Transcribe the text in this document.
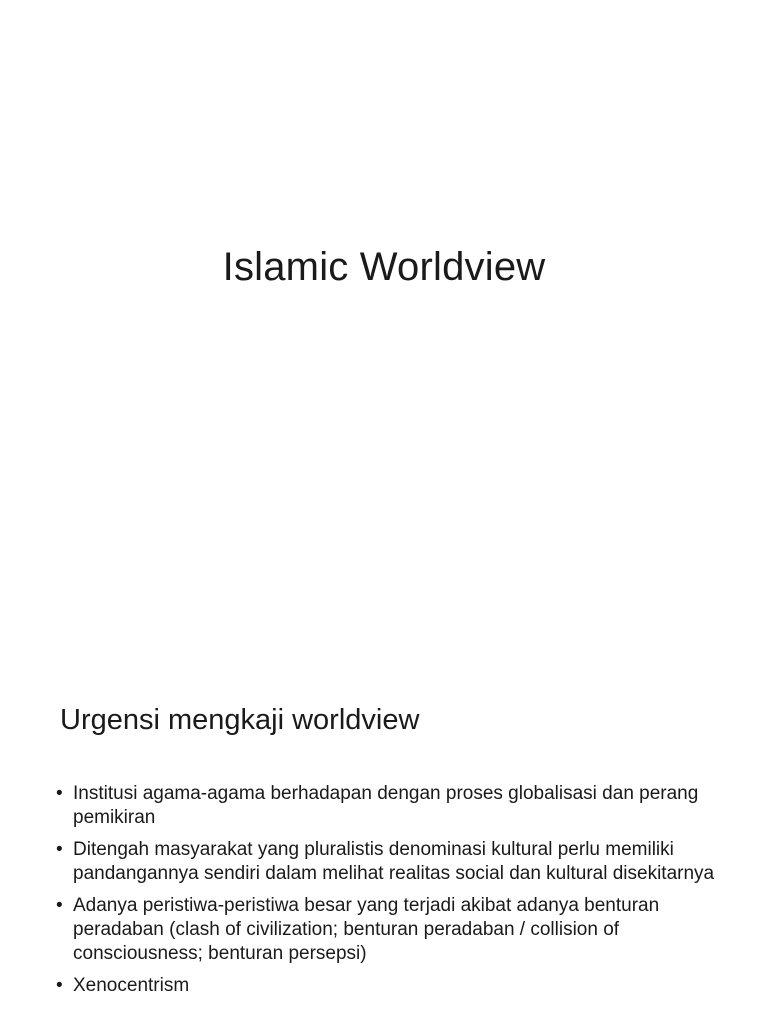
Islamic Worldview
Urgensi mengkaji worldview
• Institusi agama-agama berhadapan dengan proses globalisasi dan perang pemikiran
• Ditengah masyarakat yang pluralistis denominasi kultural perlu memiliki pandangannya sendiri dalam melihat realitas social dan kultural disekitarnya
• Adanya peristiwa-peristiwa besar yang terjadi akibat adanya benturan peradaban (clash of civilization; benturan peradaban / collision of consciousness; benturan persepsi)
• Xenocentrism
